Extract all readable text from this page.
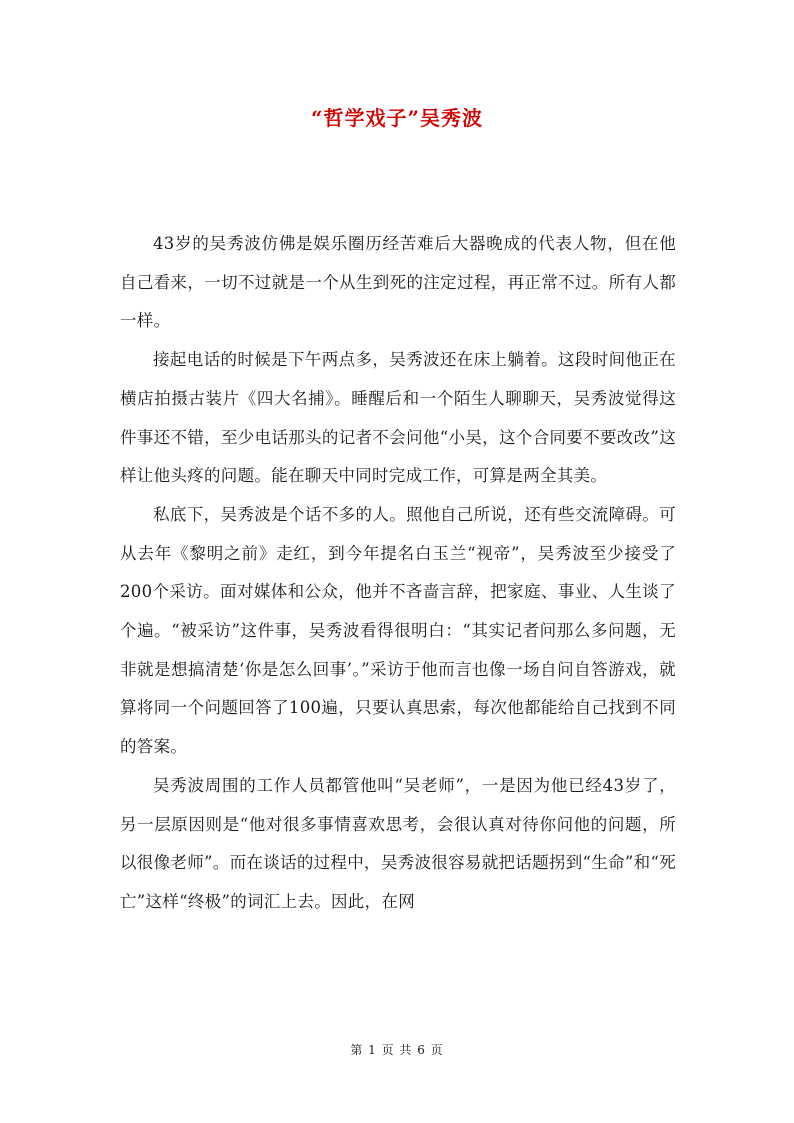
“哲学戏子”吴秀波

43岁的吴秀波仿佛是娱乐圈历经苦难后大器晚成的代表人物，但在他自己看来，一切不过就是一个从生到死的注定过程，再正常不过。所有人都一样。

接起电话的时候是下午两点多，吴秀波还在床上躺着。这段时间他正在横店拍摄古装片《四大名捕》。睡醒后和一个陌生人聊聊天，吴秀波觉得这件事还不错，至少电话那头的记者不会问他“小吴，这个合同要不要改改”这样让他头疼的问题。能在聊天中同时完成工作，可算是两全其美。

私底下，吴秀波是个话不多的人。照他自己所说，还有些交流障碍。可从去年《黎明之前》走红，到今年提名白玉兰“视帝”，吴秀波至少接受了200个采访。面对媒体和公众，他并不吝啬言辞，把家庭、事业、人生谈了个遍。“被采访”这件事，吴秀波看得很明白：“其实记者问那么多问题，无非就是想搞清楚‘你是怎么回事’。”采访于他而言也像一场自问自答游戏，就算将同一个问题回答了100遍，只要认真思索，每次他都能给自己找到不同的答案。

吴秀波周围的工作人员都管他叫“吴老师”，一是因为他已经43岁了，另一层原因则是“他对很多事情喜欢思考，会很认真对待你问他的问题，所以很像老师”。而在谈话的过程中，吴秀波很容易就把话题拐到“生命”和“死亡”这样“终极”的词汇上去。因此，在网

第 1 页 共 6 页
